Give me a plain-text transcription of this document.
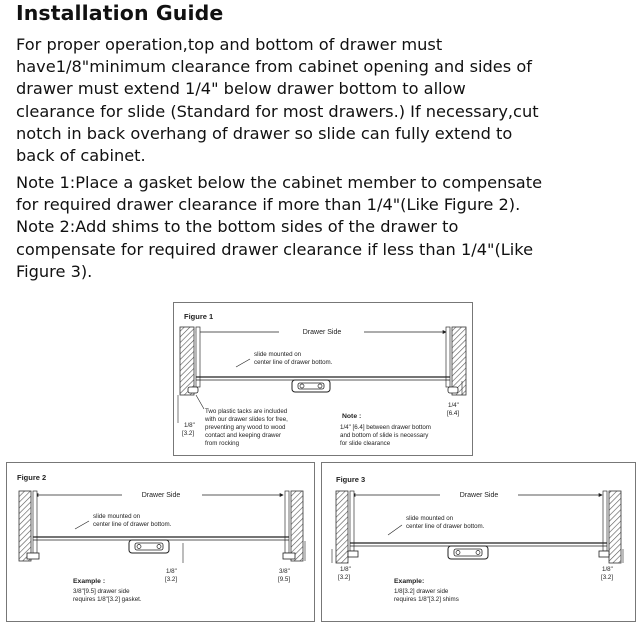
Installation Guide
For proper operation,top and bottom of drawer must
have1/8"minimum clearance from cabinet opening and sides of
drawer must extend 1/4" below drawer bottom to allow
clearance for slide (Standard for most drawers.) If necessary,cut
notch in back overhang of drawer so slide can fully extend to
back of cabinet.
Note 1:Place a gasket below the cabinet member to compensate
for required drawer clearance if more than 1/4"(Like Figure 2).
Note 2:Add shims to the bottom sides of the drawer to
compensate for required drawer clearance if less than 1/4"(Like
Figure 3).
Figure 1
Drawer Side
slide mounted on
center line of drawer bottom.
1/8"
[3.2]
1/4"
[6.4]
Two plastic tacks are included
with our drawer slides for free,
preventing any wood to wood
contact and keeping drawer
from rocking
Note :
1/4" [6.4] between drawer bottom
and bottom of slide is necessary
for slide clearance
Figure 2
Drawer Side
slide mounted on
center line of drawer bottom.
1/8"
[3.2]
3/8"
[9.5]
Example :
3/8"[9.5] drawer side
requires 1/8"[3.2] gasket.
Figure 3
Drawer Side
slide mounted on
center line of drawer bottom.
1/8"
[3.2]
1/8"
[3.2]
Example:
1/8[3.2] drawer side
requires 1/8"[3.2] shims
